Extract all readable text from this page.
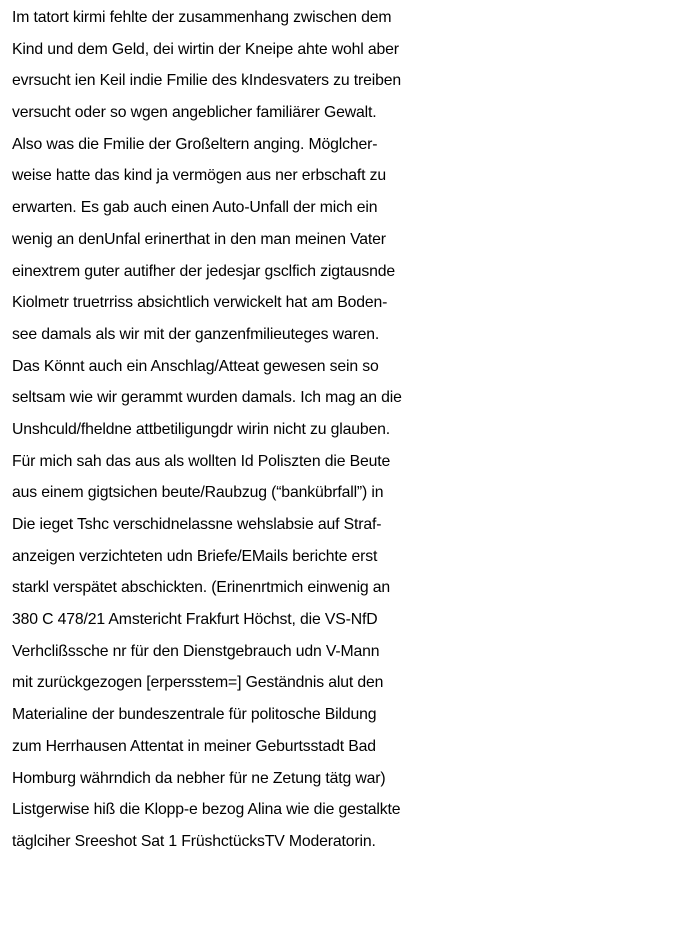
Im tatort kirmi fehlte der zusammenhang zwischen dem
Kind und dem Geld, dei wirtin der Kneipe ahte wohl aber
evrsucht ien Keil indie Fmilie des kIndesvaters zu treiben
versucht oder so wgen angeblicher familiärer Gewalt.
Also was die Fmilie der Großeltern anging. Möglcher-
weise hatte das kind ja vermögen aus ner erbschaft zu
erwarten. Es gab auch einen Auto-Unfall der mich ein
wenig an denUnfal erinerthat in den man meinen Vater
einextrem guter autifher der jedesjar gsclfich zigtausnde
Kiolmetr truetrriss absichtlich verwickelt hat am Boden-
see damals als wir mit der ganzenfmilieuteges waren.
Das Könnt auch ein Anschlag/Atteat gewesen sein so
seltsam wie wir gerammt wurden damals. Ich mag an die
Unshculd/fheldne attbetiligungdr wirin nicht zu glauben.
Für mich sah das aus als wollten Id Poliszten die Beute
aus einem gigtsichen beute/Raubzug (“bankübrfall”) in
Die ieget Tshc verschidnelassne wehslabsie auf Straf-
anzeigen verzichteten udn Briefe/EMails berichte erst
starkl verspätet abschickten. (Erinenrtmich einwenig an
380 C 478/21 Amstericht Frakfurt Höchst, die VS-NfD
Verhclißssche nr für den Dienstgebrauch udn V-Mann
mit zurückgezogen [erpersstem=] Geständnis alut den
Materialine der bundeszentrale für politosche Bildung
zum Herrhausen Attentat in meiner Geburtsstadt Bad
Homburg währndich da nebher für ne Zetung tätg war)
Listgerwise hiß die Klopp-e bezog Alina wie die gestalkte
täglciher Sreeshot Sat 1 FrüshctücksTV Moderatorin.
